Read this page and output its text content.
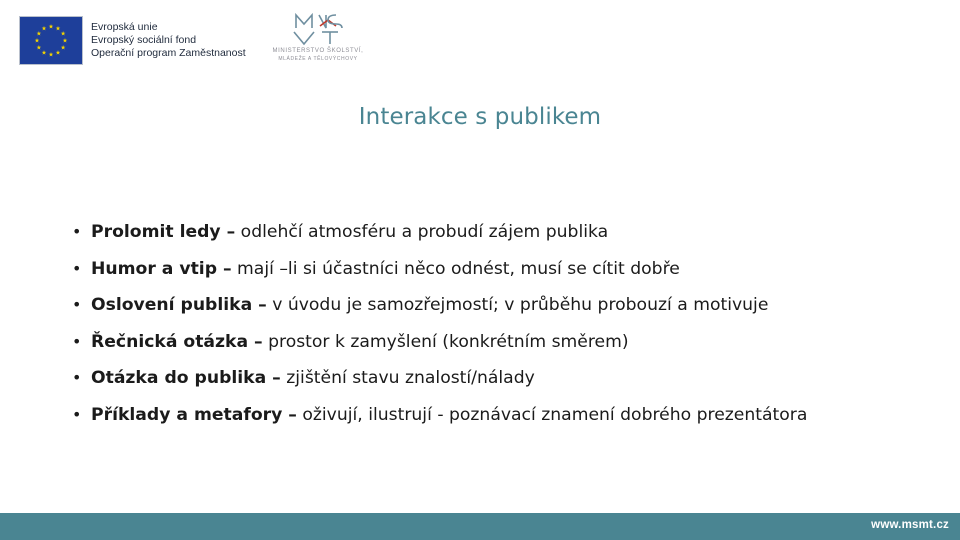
Evropská unie
Evropský sociální fond
Operační program Zaměstnanost	MINISTERSTVO ŠKOLSTVÍ,
MLÁDEŽE A TĚLOVÝCHOVY
Interakce s publikem
• Prolomit ledy – odlehčí atmosféru a probudí zájem publika
• Humor a vtip – mají –li si účastníci něco odnést, musí se cítit dobře
• Oslovení publika – v úvodu je samozřejmostí; v průběhu probouzí a motivuje
• Řečnická otázka – prostor k zamyšlení (konkrétním směrem)
• Otázka do publika – zjištění stavu znalostí/nálady
• Příklady a metafory – oživují, ilustrují - poznávací znamení dobrého prezentátora
www.msmt.cz
